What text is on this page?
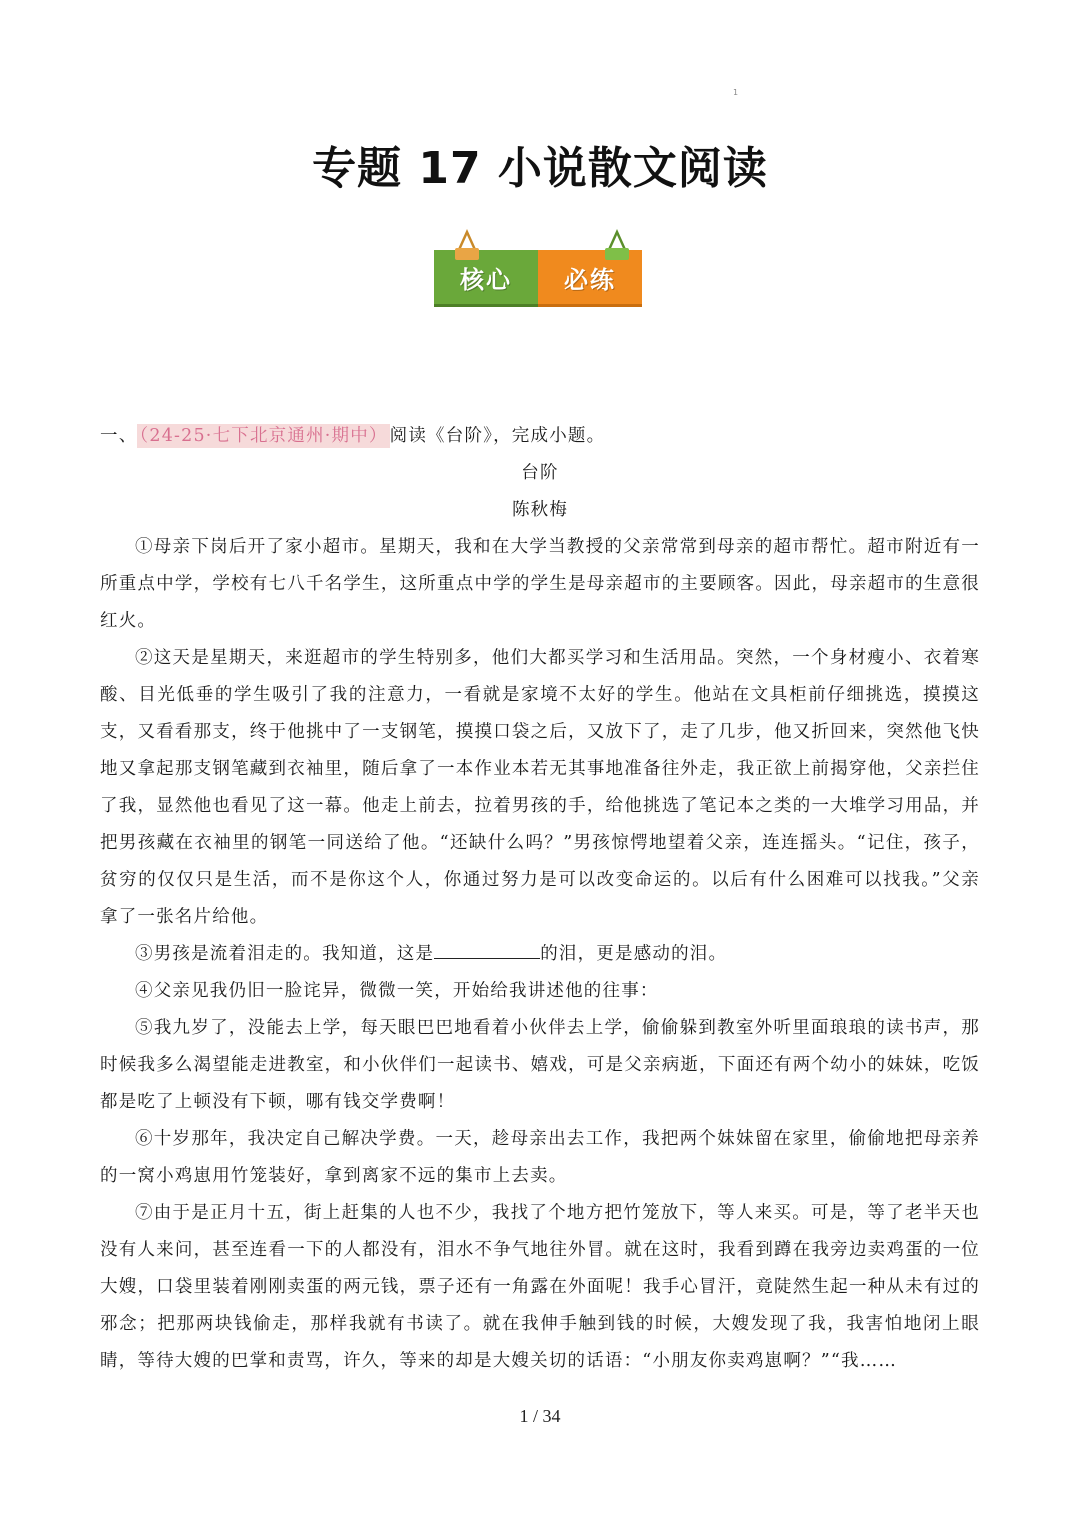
1
专题 17 小说散文阅读
核心	必练

一、 （24-25·七下北京通州·期中） 阅读《台阶》，完成小题。

台阶

陈秋梅

①母亲下岗后开了家小超市。星期天，我和在大学当教授的父亲常常到母亲的超市帮忙。超市附近有一所重点中学，学校有七八千名学生，这所重点中学的学生是母亲超市的主要顾客。因此，母亲超市的生意很红火。

②这天是星期天，来逛超市的学生特别多，他们大都买学习和生活用品。突然，一个身材瘦小、衣着寒酸、目光低垂的学生吸引了我的注意力，一看就是家境不太好的学生。他站在文具柜前仔细挑选，摸摸这支，又看看那支，终于他挑中了一支钢笔，摸摸口袋之后，又放下了，走了几步，他又折回来，突然他飞快地又拿起那支钢笔藏到衣袖里，随后拿了一本作业本若无其事地准备往外走，我正欲上前揭穿他，父亲拦住了我，显然他也看见了这一幕。他走上前去，拉着男孩的手，给他挑选了笔记本之类的一大堆学习用品，并把男孩藏在衣袖里的钢笔一同送给了他。“还缺什么吗？”男孩惊愕地望着父亲，连连摇头。“记住，孩子，贫穷的仅仅只是生活，而不是你这个人，你通过努力是可以改变命运的。以后有什么困难可以找我。”父亲拿了一张名片给他。

③男孩是流着泪走的。我知道，这是	的泪，更是感动的泪。

④父亲见我仍旧一脸诧异，微微一笑，开始给我讲述他的往事：

⑤我九岁了，没能去上学，每天眼巴巴地看着小伙伴去上学，偷偷躲到教室外听里面琅琅的读书声，那时候我多么渴望能走进教室，和小伙伴们一起读书、嬉戏，可是父亲病逝，下面还有两个幼小的妹妹，吃饭都是吃了上顿没有下顿，哪有钱交学费啊！

⑥十岁那年，我决定自己解决学费。一天，趁母亲出去工作，我把两个妹妹留在家里，偷偷地把母亲养的一窝小鸡崽用竹笼装好，拿到离家不远的集市上去卖。

⑦由于是正月十五，街上赶集的人也不少，我找了个地方把竹笼放下，等人来买。可是，等了老半天也没有人来问，甚至连看一下的人都没有，泪水不争气地往外冒。就在这时，我看到蹲在我旁边卖鸡蛋的一位大嫂，口袋里装着刚刚卖蛋的两元钱，票子还有一角露在外面呢！我手心冒汗，竟陡然生起一种从未有过的邪念；把那两块钱偷走，那样我就有书读了。就在我伸手触到钱的时候，大嫂发现了我，我害怕地闭上眼睛，等待大嫂的巴掌和责骂，许久，等来的却是大嫂关切的话语：“小朋友你卖鸡崽啊？”“我……

1 / 34
